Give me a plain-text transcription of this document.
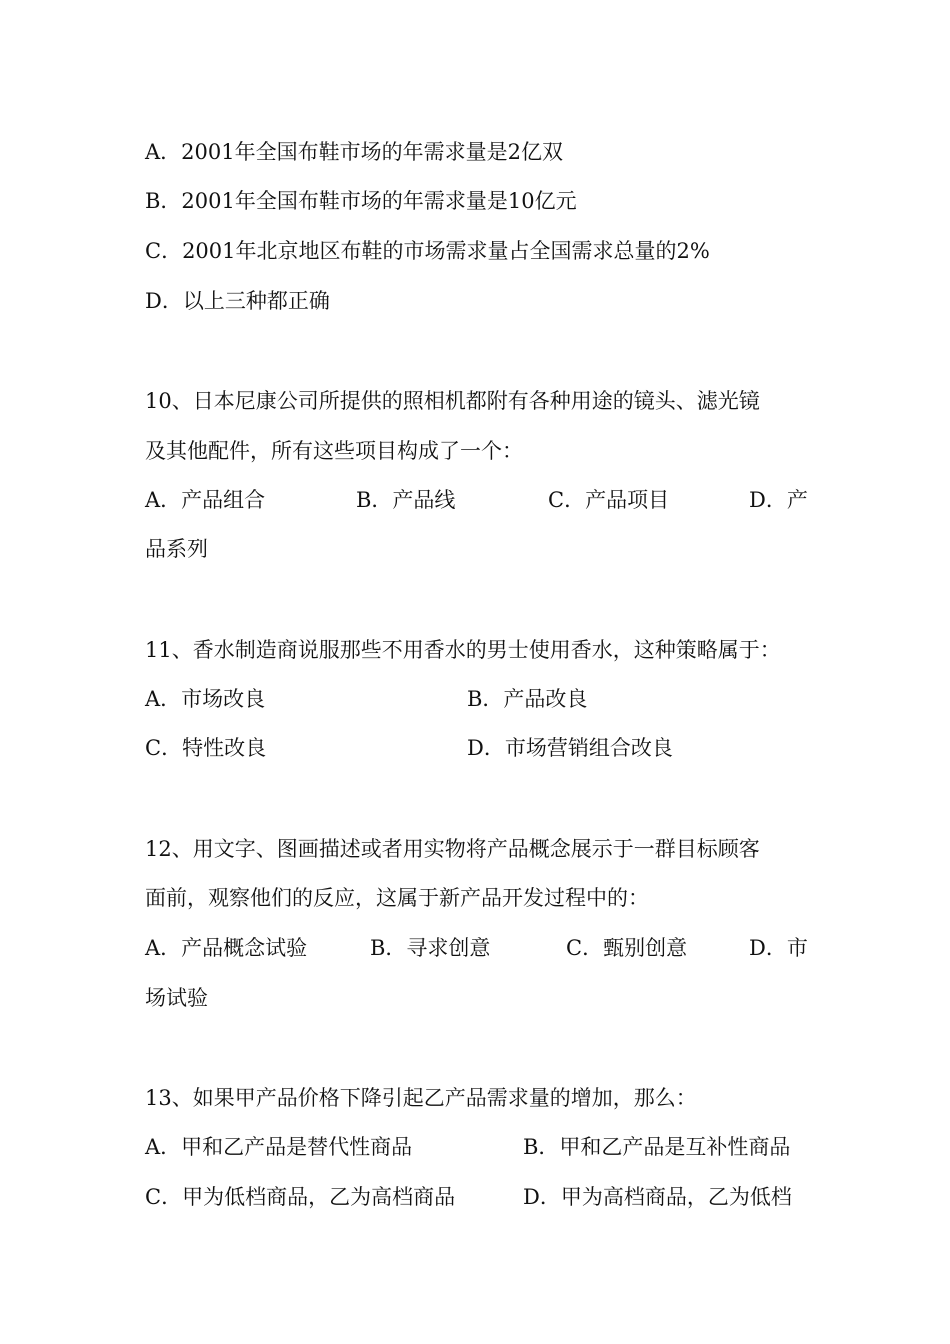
A．2001年全国布鞋市场的年需求量是2亿双
B．2001年全国布鞋市场的年需求量是10亿元
C．2001年北京地区布鞋的市场需求量占全国需求总量的2%
D．以上三种都正确
10、日本尼康公司所提供的照相机都附有各种用途的镜头、滤光镜
及其他配件，所有这些项目构成了一个：
A．产品组合	B．产品线	C．产品项目	D．产
品系列
11、香水制造商说服那些不用香水的男士使用香水，这种策略属于：
A．市场改良	B．产品改良
C．特性改良	D．市场营销组合改良
12、用文字、图画描述或者用实物将产品概念展示于一群目标顾客
面前，观察他们的反应，这属于新产品开发过程中的：
A．产品概念试验	B．寻求创意	C．甄别创意	D．市
场试验
13、如果甲产品价格下降引起乙产品需求量的增加，那么：
A．甲和乙产品是替代性商品	B．甲和乙产品是互补性商品
C．甲为低档商品，乙为高档商品	D．甲为高档商品，乙为低档
